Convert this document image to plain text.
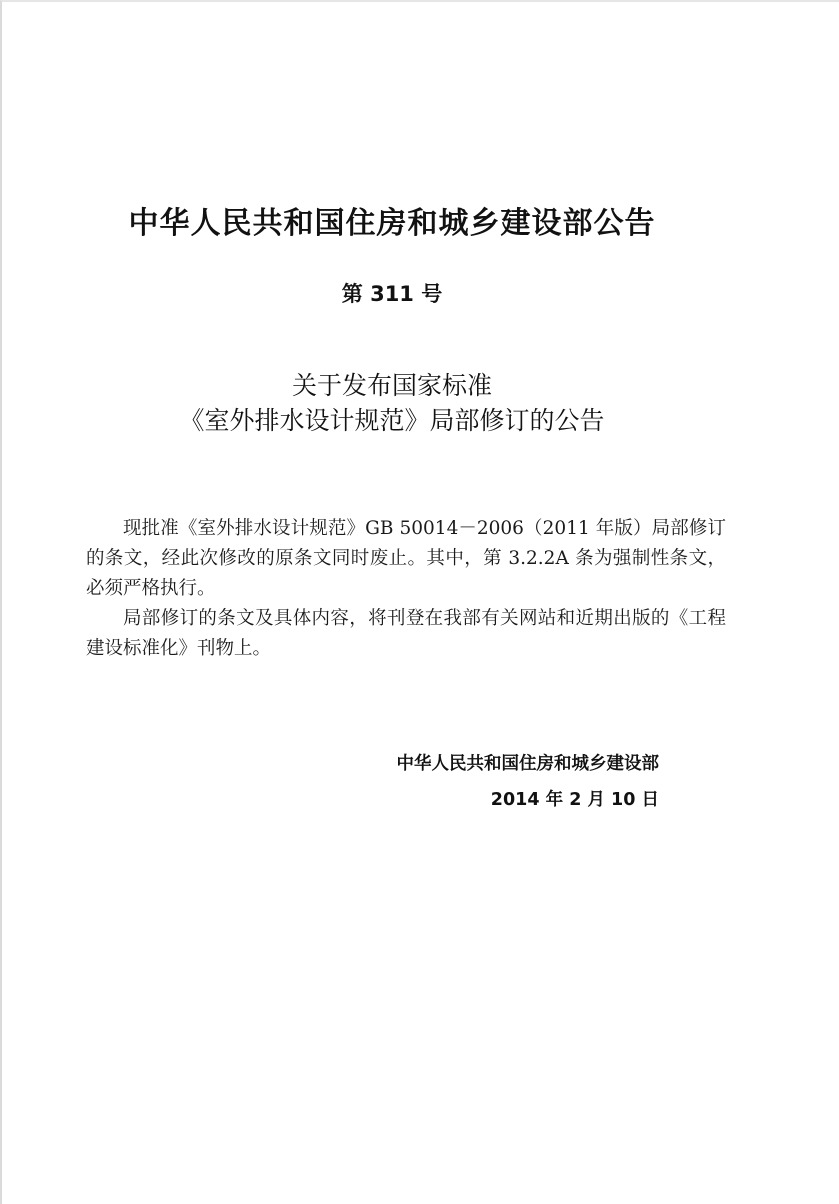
中华人民共和国住房和城乡建设部公告
第 311 号
关于发布国家标准
《室外排水设计规范》局部修订的公告

现批准《室外排水设计规范》GB 50014－2006（2011 年版）局部修订的条文，经此次修改的原条文同时废止。其中，第 3.2.2A 条为强制性条文，必须严格执行。

局部修订的条文及具体内容，将刊登在我部有关网站和近期出版的《工程建设标准化》刊物上。

中华人民共和国住房和城乡建设部
2014 年 2 月 10 日
